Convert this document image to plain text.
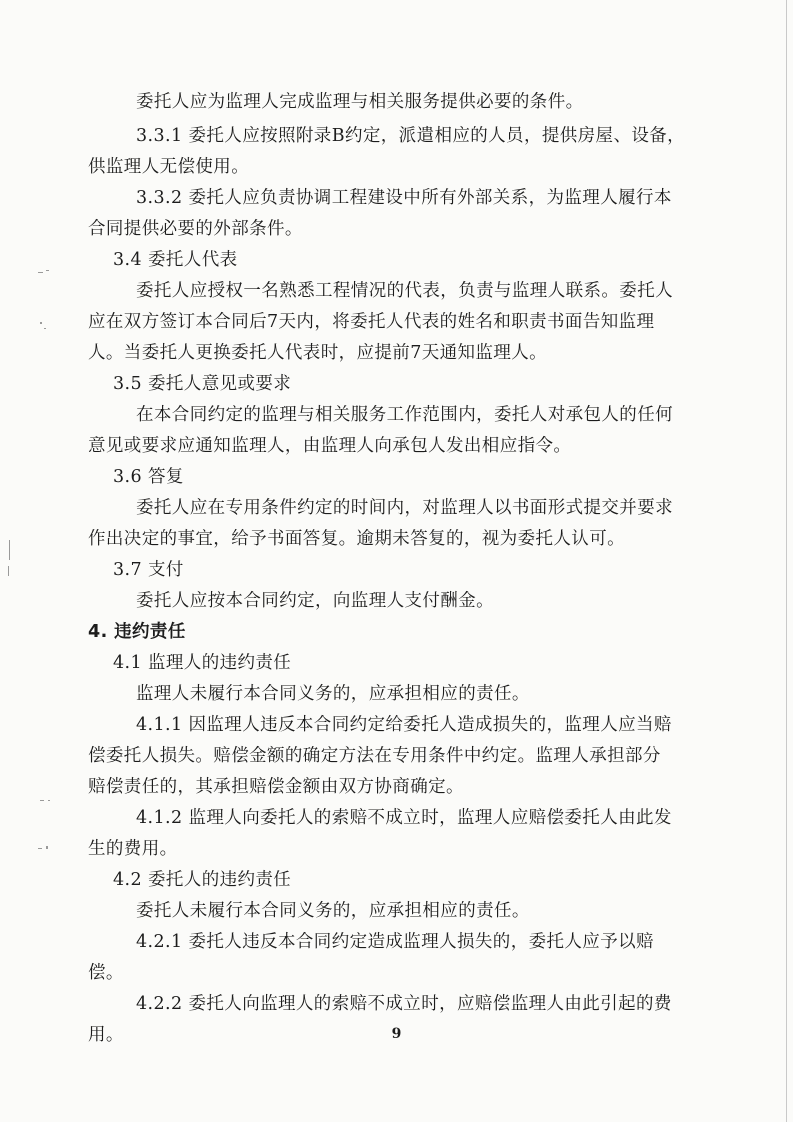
委托人应为监理人完成监理与相关服务提供必要的条件。
3.3.1 委托人应按照附录B约定，派遣相应的人员，提供房屋、设备，
供监理人无偿使用。
3.3.2 委托人应负责协调工程建设中所有外部关系，为监理人履行本
合同提供必要的外部条件。
3.4 委托人代表
委托人应授权一名熟悉工程情况的代表，负责与监理人联系。委托人
应在双方签订本合同后7天内，将委托人代表的姓名和职责书面告知监理
人。当委托人更换委托人代表时，应提前7天通知监理人。
3.5 委托人意见或要求
在本合同约定的监理与相关服务工作范围内，委托人对承包人的任何
意见或要求应通知监理人，由监理人向承包人发出相应指令。
3.6 答复
委托人应在专用条件约定的时间内，对监理人以书面形式提交并要求
作出决定的事宜，给予书面答复。逾期未答复的，视为委托人认可。
3.7 支付
委托人应按本合同约定，向监理人支付酬金。
4. 违约责任
4.1 监理人的违约责任
监理人未履行本合同义务的，应承担相应的责任。
4.1.1 因监理人违反本合同约定给委托人造成损失的，监理人应当赔
偿委托人损失。赔偿金额的确定方法在专用条件中约定。监理人承担部分
赔偿责任的，其承担赔偿金额由双方协商确定。
4.1.2 监理人向委托人的索赔不成立时，监理人应赔偿委托人由此发
生的费用。
4.2 委托人的违约责任
委托人未履行本合同义务的，应承担相应的责任。
4.2.1 委托人违反本合同约定造成监理人损失的，委托人应予以赔
偿。
4.2.2 委托人向监理人的索赔不成立时，应赔偿监理人由此引起的费
用。	9
